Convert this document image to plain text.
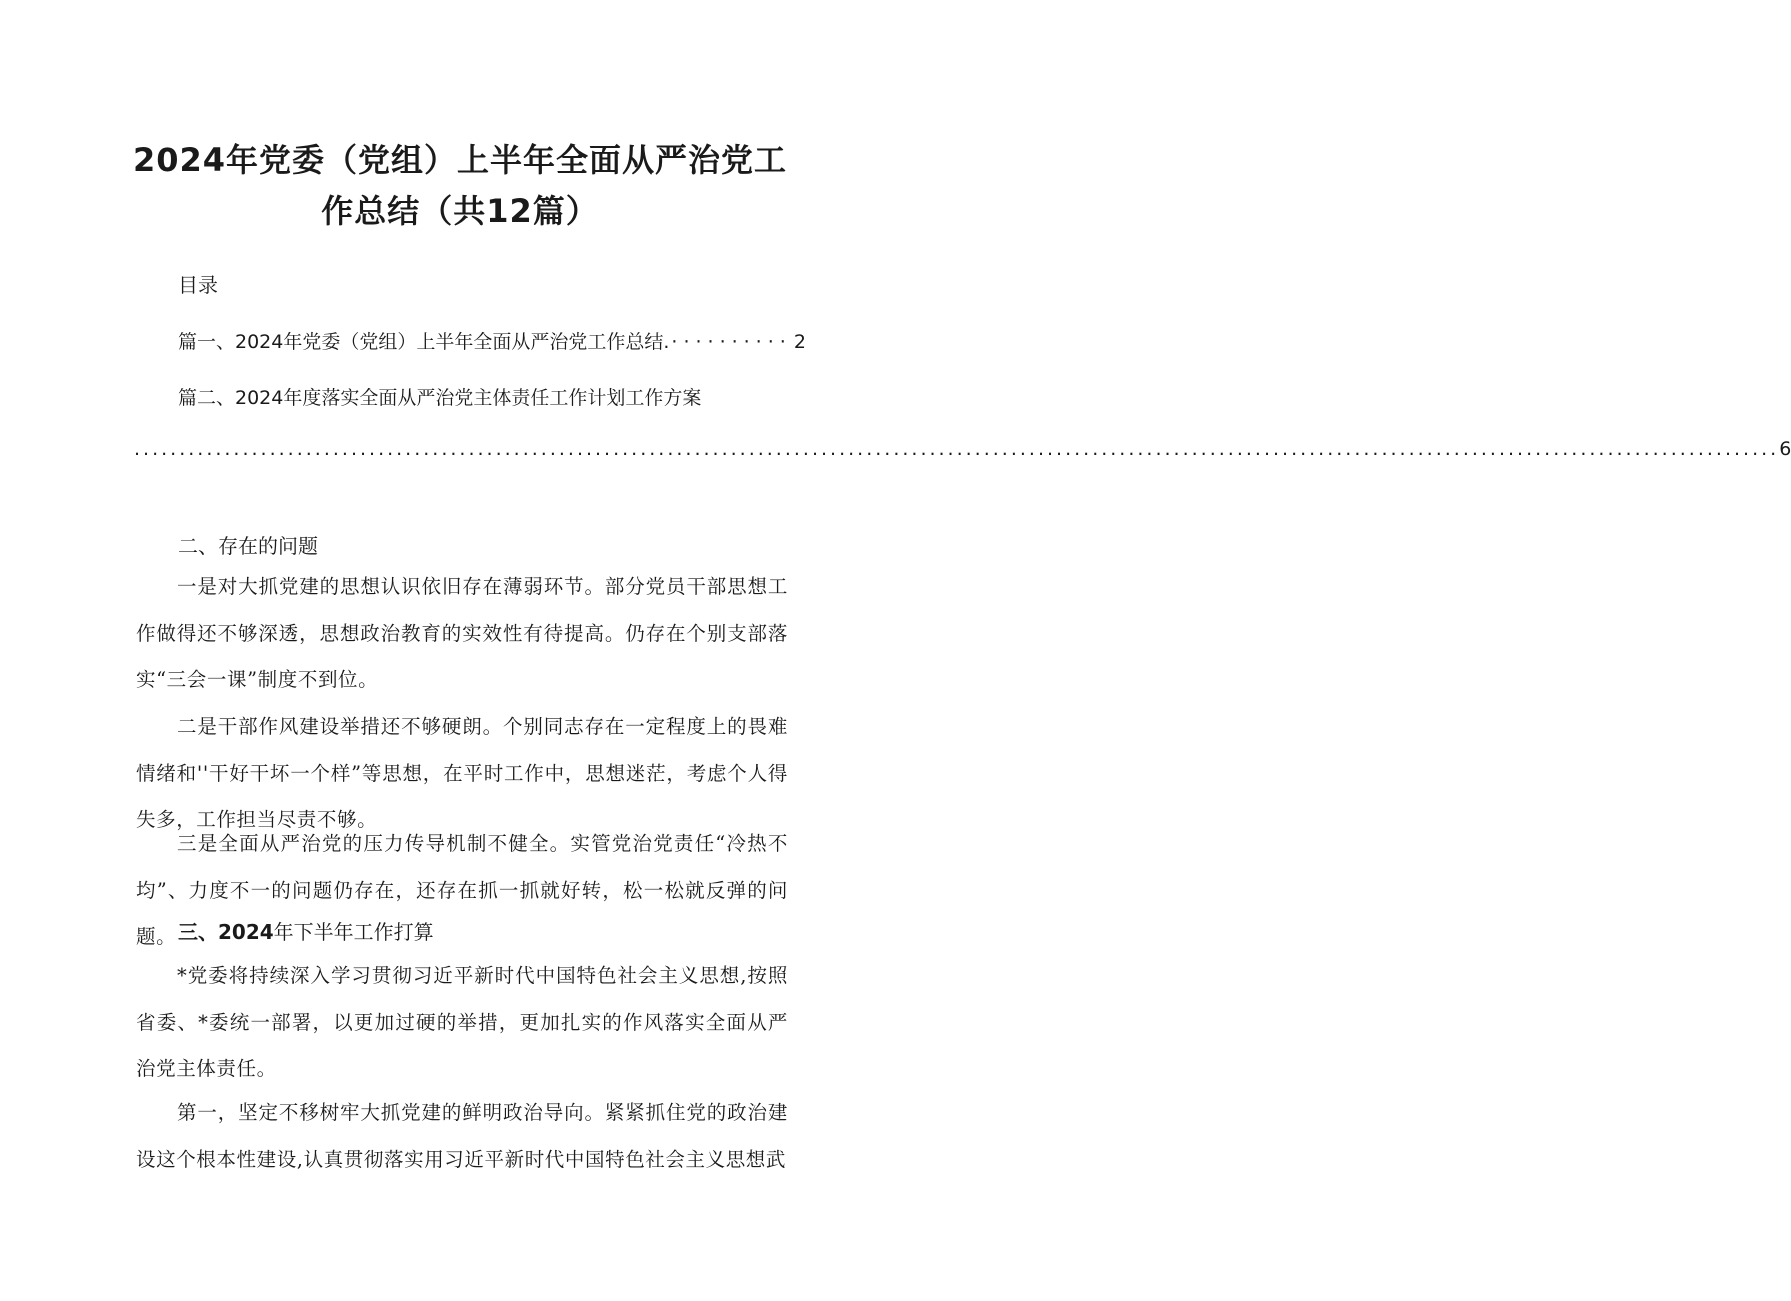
2024年党委（党组）上半年全面从严治党工
作总结（共12篇）
目录
篇一、2024年党委（党组）上半年全面从严治党工作总结. ·········· 2
篇二、2024年度落实全面从严治党主体责任工作计划工作方案
...................................................................................................................................................................................... 6
二、存在的问题

一是对大抓党建的思想认识依旧存在薄弱环节。部分党员干部思想工作做得还不够深透，思想政治教育的实效性有待提高。仍存在个别支部落实“三会一课”制度不到位。

二是干部作风建设举措还不够硬朗。个别同志存在一定程度上的畏难情绪和''干好干坏一个样”等思想，在平时工作中，思想迷茫，考虑个人得失多，工作担当尽责不够。

三是全面从严治党的压力传导机制不健全。实管党治党责任“冷热不均”、力度不一的问题仍存在，还存在抓一抓就好转，松一松就反弹的问题。 三、2024年下半年工作打算

*党委将持续深入学习贯彻习近平新时代中国特色社会主义思想,按照省委、*委统一部署，以更加过硬的举措，更加扎实的作风落实全面从严治党主体责任。

第一，坚定不移树牢大抓党建的鲜明政治导向。紧紧抓住党的政治建设这个根本性建设,认真贯彻落实用习近平新时代中国特色社会主义思想武
